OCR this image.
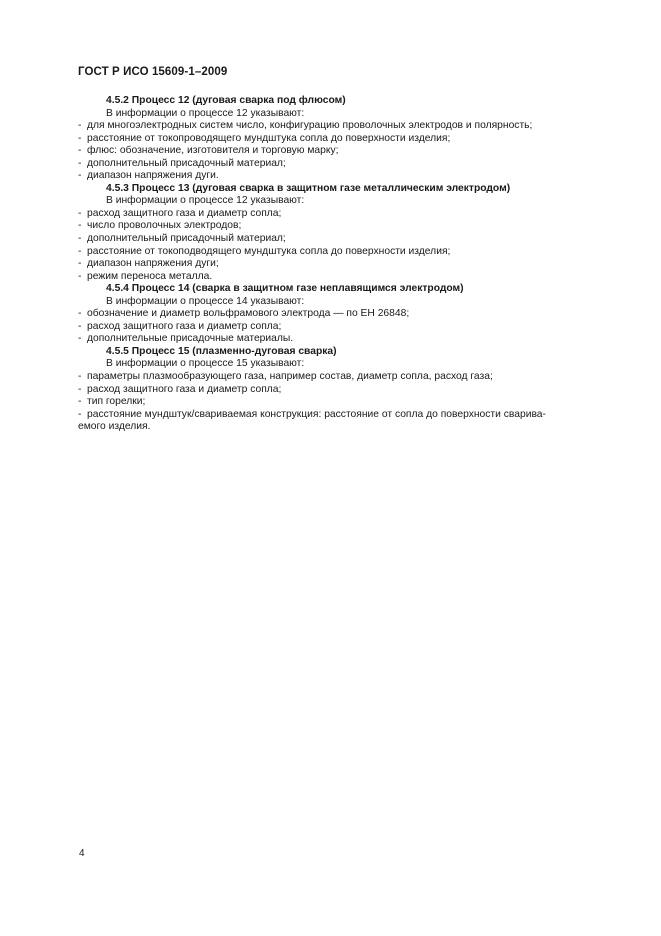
ГОСТ Р ИСО 15609-1–2009
4.5.2 Процесс 12 (дуговая сварка под флюсом)
В информации о процессе 12 указывают:
- для многоэлектродных систем число, конфигурацию проволочных электродов и полярность;
- расстояние от токопроводящего мундштука сопла до поверхности изделия;
- флюс: обозначение, изготовителя и торговую марку;
- дополнительный присадочный материал;
- диапазон напряжения дуги.
4.5.3 Процесс 13 (дуговая сварка в защитном газе металлическим электродом)
В информации о процессе 12 указывают:
- расход защитного газа и диаметр сопла;
- число проволочных электродов;
- дополнительный присадочный материал;
- расстояние от токоподводящего мундштука сопла до поверхности изделия;
- диапазон напряжения дуги;
- режим переноса металла.
4.5.4 Процесс 14 (сварка в защитном газе неплавящимся электродом)
В информации о процессе 14 указывают:
- обозначение и диаметр вольфрамового электрода — по ЕН 26848;
- расход защитного газа и диаметр сопла;
- дополнительные присадочные материалы.
4.5.5 Процесс 15 (плазменно-дуговая сварка)
В информации о процессе 15 указывают:
- параметры плазмообразующего газа, например состав, диаметр сопла, расход газа;
- расход защитного газа и диаметр сопла;
- тип горелки;
- расстояние мундштук/свариваемая конструкция: расстояние от сопла до поверхности сварива-
емого изделия.
4
